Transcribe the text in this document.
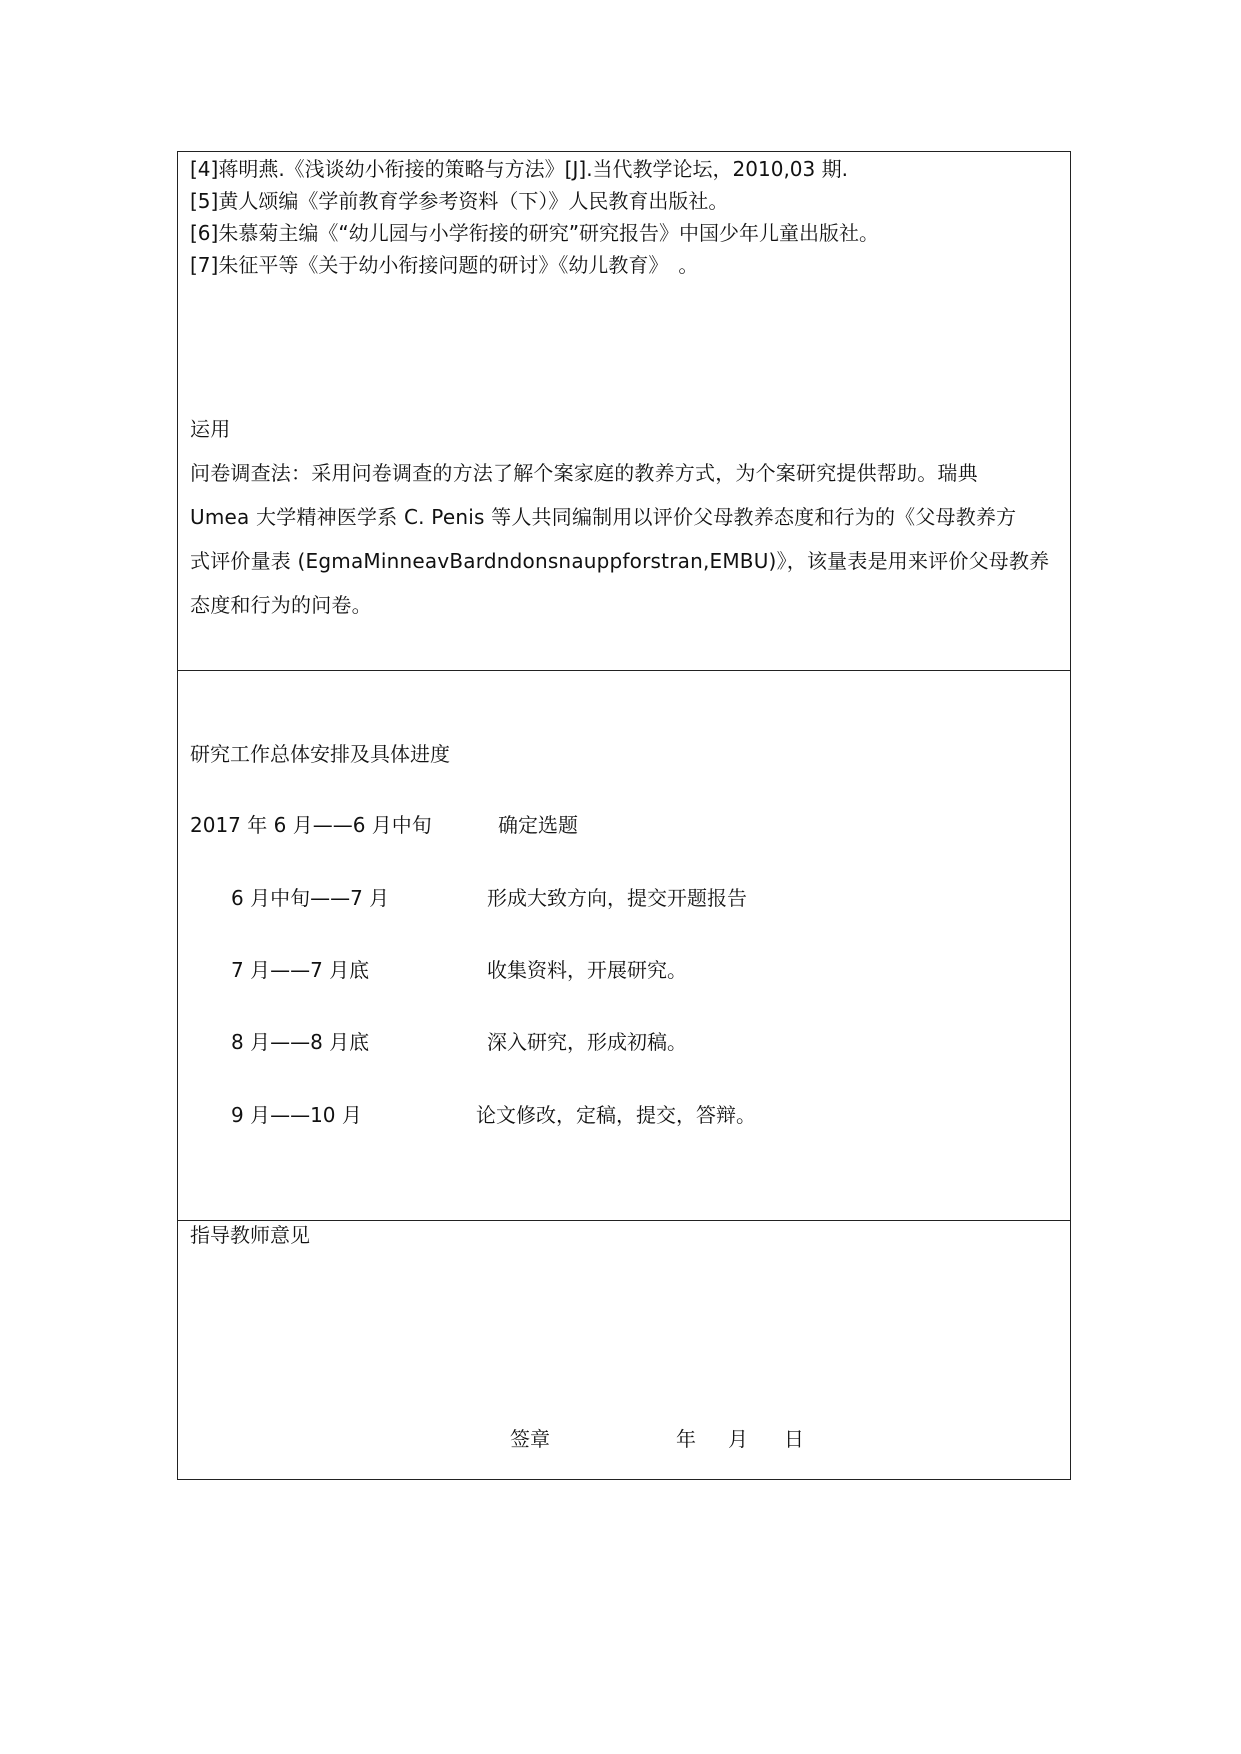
[4]蒋明燕.《浅谈幼小衔接的策略与方法》[J].当代教学论坛，2010,03 期.
[5]黄人颂编《学前教育学参考资料（下）》人民教育出版社。
[6]朱慕菊主编《“幼儿园与小学衔接的研究”研究报告》中国少年儿童出版社。
[7]朱征平等《关于幼小衔接问题的研讨》《幼儿教育》　。
运用
问卷调查法：采用问卷调查的方法了解个案家庭的教养方式，为个案研究提供帮助。瑞典
Umea 大学精神医学系 C. Penis 等人共同编制用以评价父母教养态度和行为的《父母教养方
式评价量表 (EgmaMinneavBardndonsnauppforstran,EMBU)》，该量表是用来评价父母教养
态度和行为的问卷。
研究工作总体安排及具体进度
2017 年 6 月——6 月中旬	确定选题
6 月中旬——7 月	形成大致方向，提交开题报告
7 月——7 月底	收集资料，开展研究。
8 月——8 月底	深入研究，形成初稿。
9 月——10 月	论文修改，定稿，提交，答辩。
指导教师意见
签章	年 月 日
